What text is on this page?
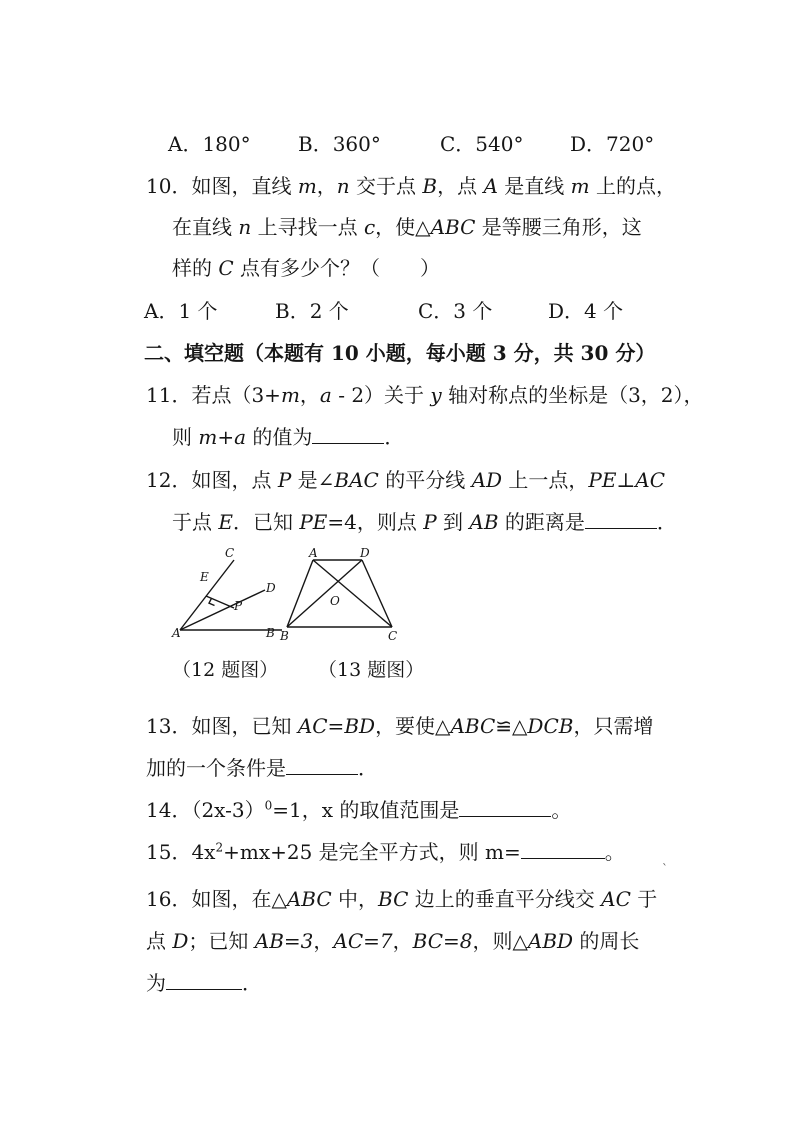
A．180° B．360°	C．540° D．720°
10．如图，直线 m，n 交于点 B，点 A 是直线 m 上的点，
在直线 n 上寻找一点 c，使△ABC 是等腰三角形，这
样的 C 点有多少个？（　　）
A．1 个	B．2 个	C．3 个	D．4 个
二、填空题（本题有 10 小题，每小题 3 分，共 30 分）
11．若点（3+m，a - 2）关于 y 轴对称点的坐标是（3，2），
则 m+a 的值为	．
12．如图，点 P 是∠BAC 的平分线 AD 上一点，PE⊥AC
于点 E．已知 PE=4，则点 P 到 AB 的距离是	．
C
E
D
P
A	B
A	D
O
B	C
（12 题图） （13 题图）
13．如图，已知 AC=BD，要使△ABC≌△DCB，只需增
加的一个条件是	．
14．$(2x-3)^0=1$，x 的取值范围是	。
15．$4x^2+mx+25$ 是完全平方式，则 m=	。
`
16．如图，在△ABC 中，BC 边上的垂直平分线交 AC 于
点 D；已知 AB=3，AC=7，BC=8，则△ABD 的周长
为	．
